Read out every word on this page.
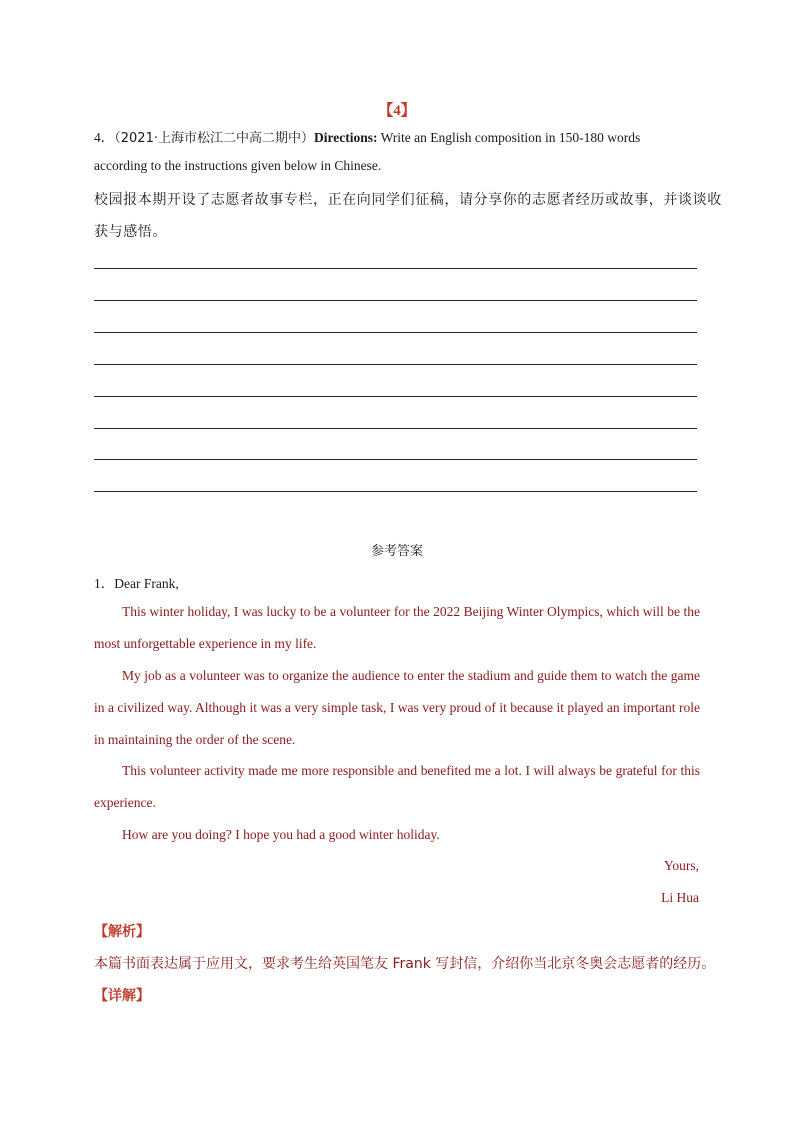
【4】
4．（2021·上海市松江二中高二期中）Directions: Write an English composition in 150-180 words
according to the instructions given below in Chinese.
校园报本期开设了志愿者故事专栏，正在向同学们征稿，请分享你的志愿者经历或故事，并谈谈收
获与感悟。
参考答案
1．Dear Frank,
This winter holiday, I was lucky to be a volunteer for the 2022 Beijing Winter Olympics, which will be the most unforgettable experience in my life.
My job as a volunteer was to organize the audience to enter the stadium and guide them to watch the game in a civilized way. Although it was a very simple task, I was very proud of it because it played an important role in maintaining the order of the scene.
This volunteer activity made me more responsible and benefited me a lot. I will always be grateful for this experience.
How are you doing? I hope you had a good winter holiday.
Yours,
Li Hua
【解析】
本篇书面表达属于应用文，要求考生给英国笔友 Frank 写封信，介绍你当北京冬奥会志愿者的经历。
【详解】
